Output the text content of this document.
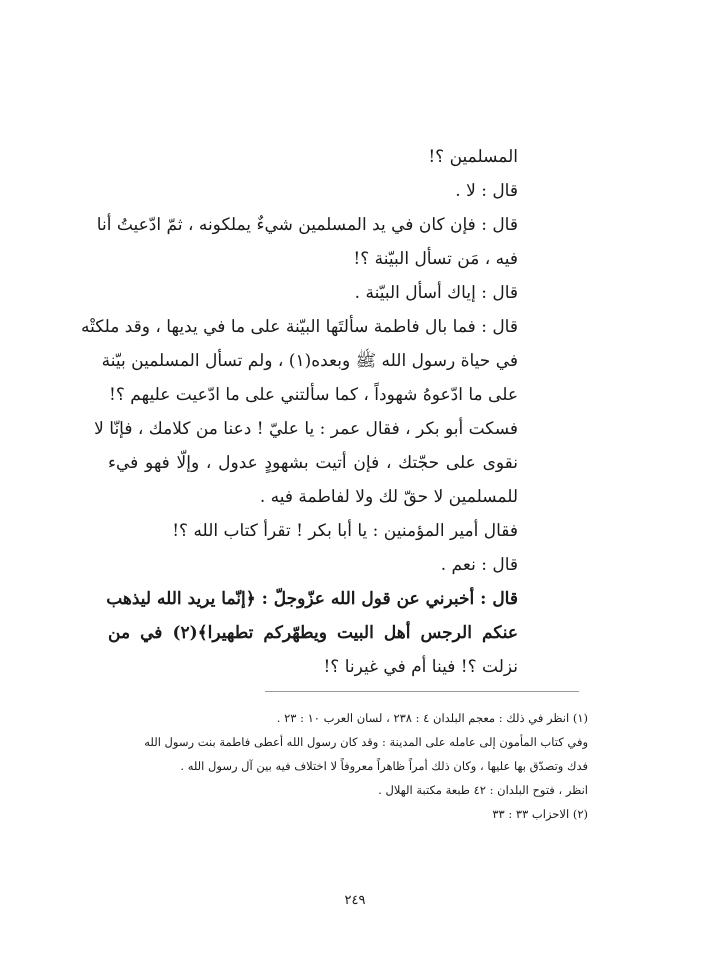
المسلمين ؟!
قال : لا .
قال : فإن كان في يد المسلمين شيءٌ يملكونه ، ثمّ ادّعيتُ أنا
فيه ، مَن تسأل البيّنة ؟!
قال : إياك أسأل البيّنة .
قال : فما بال فاطمة سألتَها البيّنة على ما في يديها ، وقد ملكتْه
في حياة رسول الله ﷺ وبعده(١) ، ولم تسأل المسلمين بيّنة
على ما ادّعوهُ شهوداً ، كما سألتني على ما ادّعيت عليهم ؟!
فسكت أبو بكر ، فقال عمر : يا عليّ ! دعنا من كلامك ، فإنّا لا
نقوى على حجّتك ، فإن أتيت بشهودٍ عدول ، وإلّا فهو فيء
للمسلمين لا حقّ لك ولا لفاطمة فيه .
فقال أمير المؤمنين : يا أبا بكر ! تقرأ كتاب الله ؟!
قال : نعم .
قال : أخبرني عن قول الله عزّوجلّ : ﴿إنّما يريد الله ليذهب
عنكم الرجس أهل البيت ويطهّركم تطهيرا﴾(٢) في من
نزلت ؟! فينا أم في غيرنا ؟!
(١) انظر في ذلك : معجم البلدان ٤ : ٢٣٨ ، لسان العرب ١٠ : ٢٣ .
وفي كتاب المأمون إلى عامله على المدينة : وقد كان رسول الله أعطى فاطمة بنت رسول الله
فدك وتصدّق بها عليها ، وكان ذلك أمراً ظاهراً معروفاً لا اختلاف فيه بين آل رسول الله .
انظر ، فتوح البلدان : ٤٢ طبعة مكتبة الهلال .
(٢) الاحزاب ٣٣ : ٣٣
٢٤٩
